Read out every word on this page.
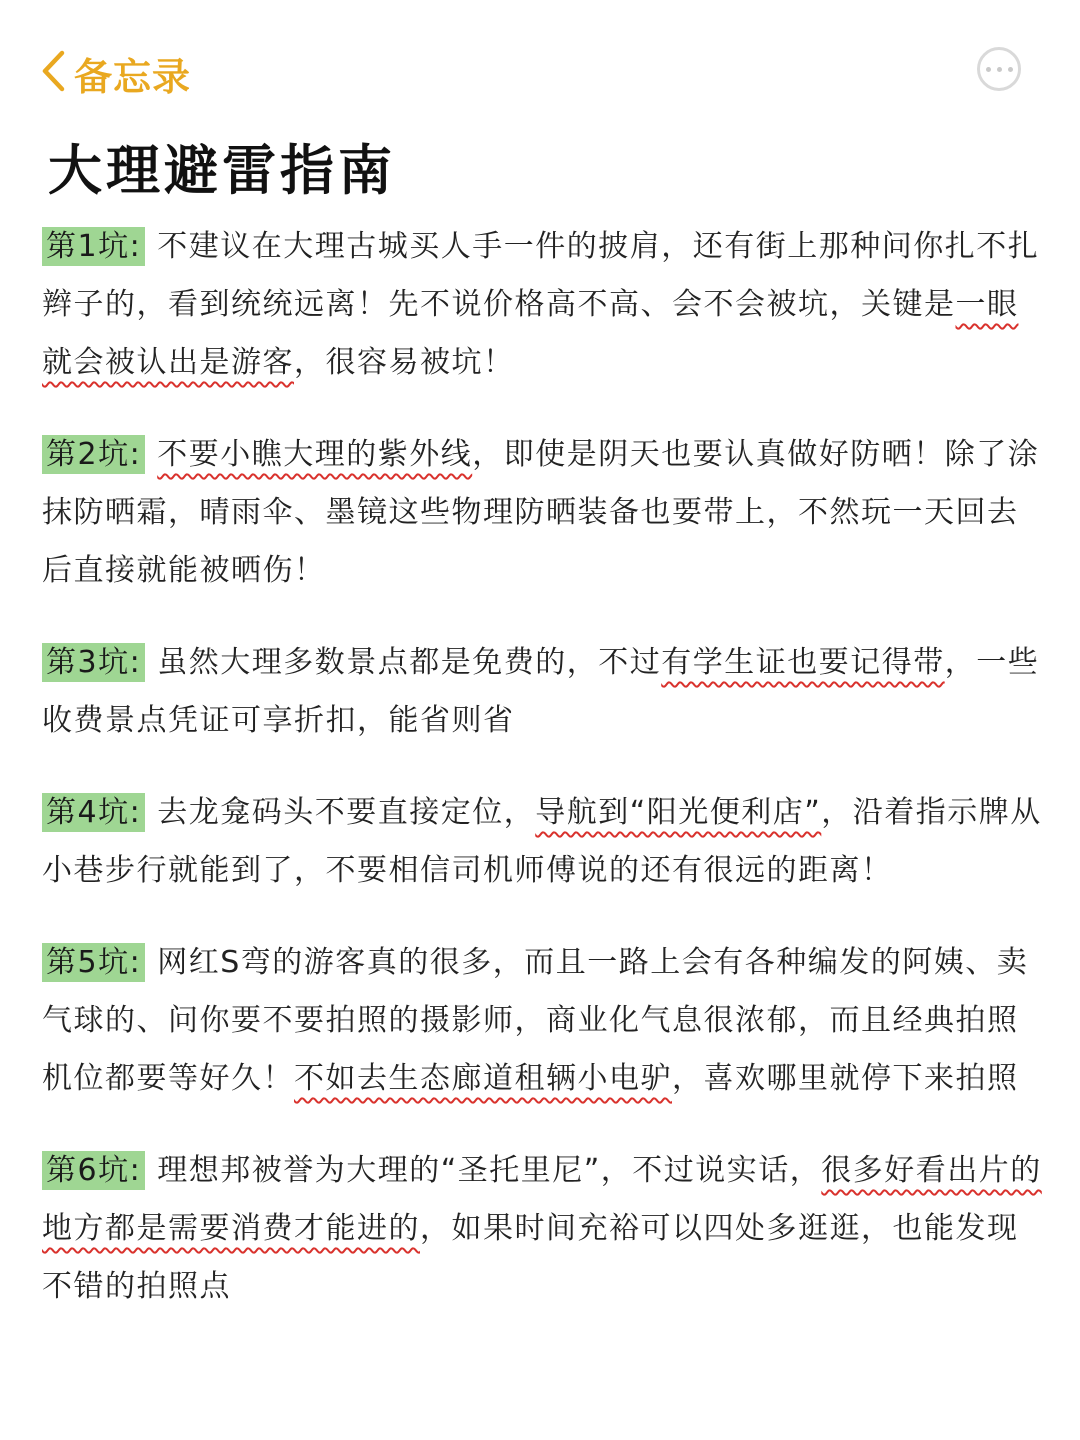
备忘录
大理避雷指南

第1坑: 不建议在大理古城买人手一件的披肩，还有街上那种问你扎不扎辫子的，看到统统远离！先不说价格高不高、会不会被坑，关键是一眼就会被认出是游客，很容易被坑！

第2坑: 不要小瞧大理的紫外线，即使是阴天也要认真做好防晒！除了涂抹防晒霜，晴雨伞、墨镜这些物理防晒装备也要带上，不然玩一天回去后直接就能被晒伤！

第3坑: 虽然大理多数景点都是免费的，不过有学生证也要记得带，一些收费景点凭证可享折扣，能省则省

第4坑: 去龙龛码头不要直接定位，导航到“阳光便利店”，沿着指示牌从小巷步行就能到了，不要相信司机师傅说的还有很远的距离！

第5坑: 网红S弯的游客真的很多，而且一路上会有各种编发的阿姨、卖气球的、问你要不要拍照的摄影师，商业化气息很浓郁，而且经典拍照机位都要等好久！不如去生态廊道租辆小电驴，喜欢哪里就停下来拍照

第6坑: 理想邦被誉为大理的“圣托里尼”，不过说实话，很多好看出片的地方都是需要消费才能进的，如果时间充裕可以四处多逛逛，也能发现不错的拍照点
